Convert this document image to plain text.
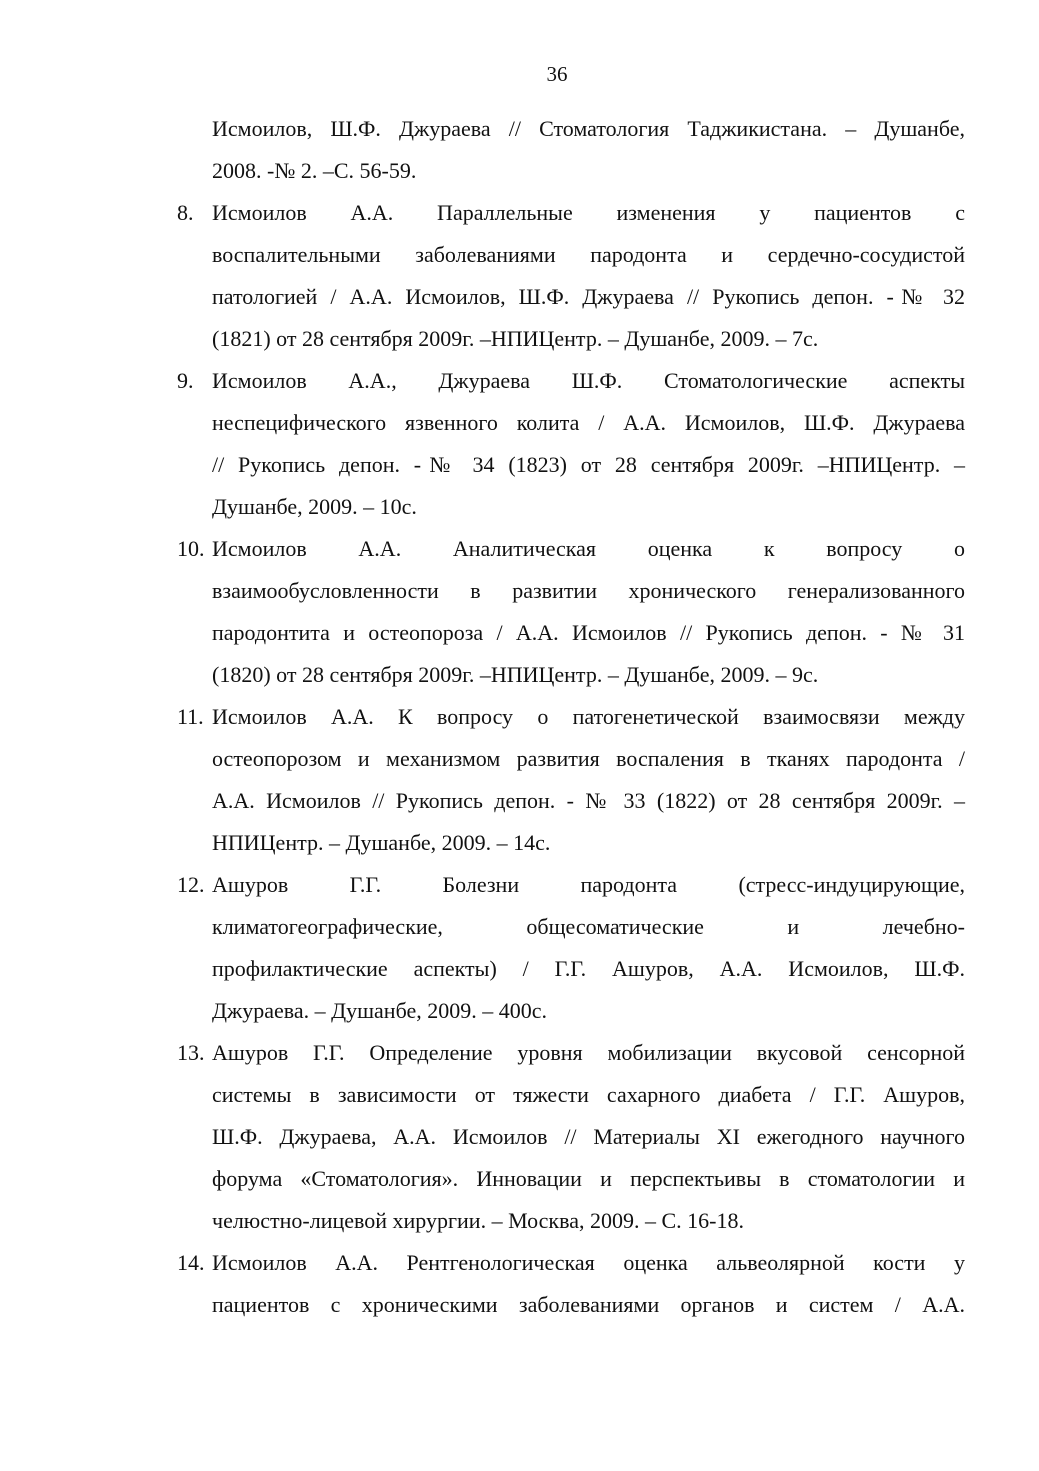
36
Исмоилов, Ш.Ф. Джураева // Стоматология Таджикистана. – Душанбе,
2008. -№ 2. –С. 56-59.
8. Исмоилов А.А. Параллельные изменения у пациентов с
воспалительными заболеваниями пародонта и сердечно-сосудистой
патологией / А.А. Исмоилов, Ш.Ф. Джураева // Рукопись депон. -№ 32
(1821) от 28 сентября 2009г. –НПИЦентр. – Душанбе, 2009. – 7с.
9. Исмоилов А.А., Джураева Ш.Ф. Стоматологические аспекты
неспецифического язвенного колита / А.А. Исмоилов, Ш.Ф. Джураева
// Рукопись депон. -№ 34 (1823) от 28 сентября 2009г. –НПИЦентр. –
Душанбе, 2009. – 10с.
10. Исмоилов А.А. Аналитическая оценка к вопросу о
взаимообусловленности в развитии хронического генерализованного
пародонтита и остеопороза / А.А. Исмоилов // Рукопись депон. - № 31
(1820) от 28 сентября 2009г. –НПИЦентр. – Душанбе, 2009. – 9с.
11. Исмоилов А.А. К вопросу о патогенетической взаимосвязи между
остеопорозом и механизмом развития воспаления в тканях пародонта /
А.А. Исмоилов // Рукопись депон. - № 33 (1822) от 28 сентября 2009г. –
НПИЦентр. – Душанбе, 2009. – 14с.
12. Ашуров Г.Г. Болезни пародонта (стресс-индуцирующие,
климатогеографические, общесоматические и лечебно-
профилактические аспекты) / Г.Г. Ашуров, А.А. Исмоилов, Ш.Ф.
Джураева. – Душанбе, 2009. – 400с.
13. Ашуров Г.Г. Определение уровня мобилизации вкусовой сенсорной
системы в зависимости от тяжести сахарного диабета / Г.Г. Ашуров,
Ш.Ф. Джураева, А.А. Исмоилов // Материалы XI ежегодного научного
форума «Стоматология». Инновации и перспектьивы в стоматологии и
челюстно-лицевой хирургии. – Москва, 2009. – С. 16-18.
14. Исмоилов А.А. Рентгенологическая оценка альвеолярной кости у
пациентов с хроническими заболеваниями органов и систем / А.А.
